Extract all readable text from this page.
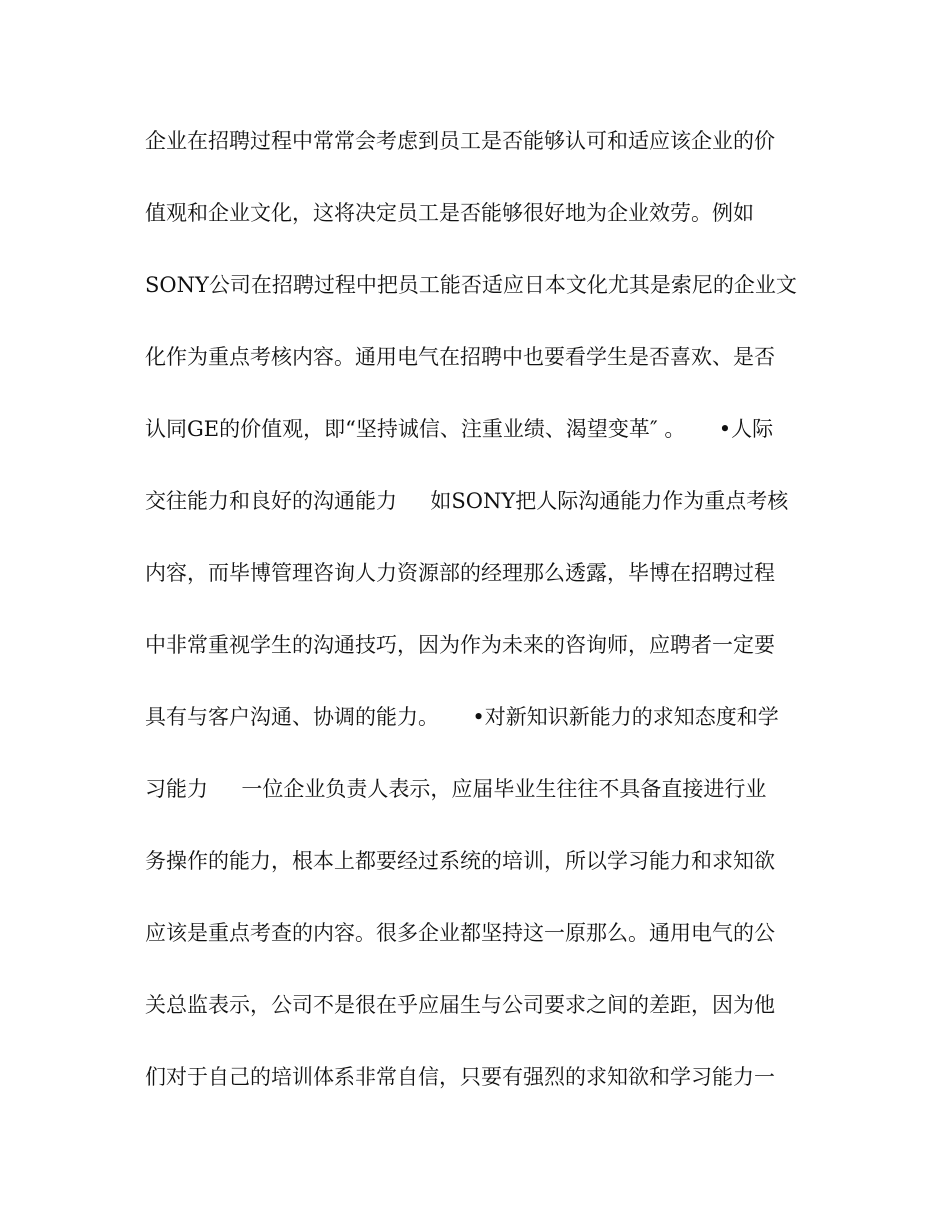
企业在招聘过程中常常会考虑到员工是否能够认可和适应该企业的价
值观和企业文化，这将决定员工是否能够很好地为企业效劳。例如
SONY公司在招聘过程中把员工能否适应日本文化尤其是索尼的企业文
化作为重点考核内容。通用电气在招聘中也要看学生是否喜欢、是否
认同GE的价值观，即“坚持诚信、注重业绩、渴望变革″ 。     •人际
交往能力和良好的沟通能力     如SONY把人际沟通能力作为重点考核
内容，而毕博管理咨询人力资源部的经理那么透露，毕博在招聘过程
中非常重视学生的沟通技巧，因为作为未来的咨询师，应聘者一定要
具有与客户沟通、协调的能力。     •对新知识新能力的求知态度和学
习能力     一位企业负责人表示，应届毕业生往往不具备直接进行业
务操作的能力，根本上都要经过系统的培训，所以学习能力和求知欲
应该是重点考查的内容。很多企业都坚持这一原那么。通用电气的公
关总监表示，公司不是很在乎应届生与公司要求之间的差距，因为他
们对于自己的培训体系非常自信，只要有强烈的求知欲和学习能力一
